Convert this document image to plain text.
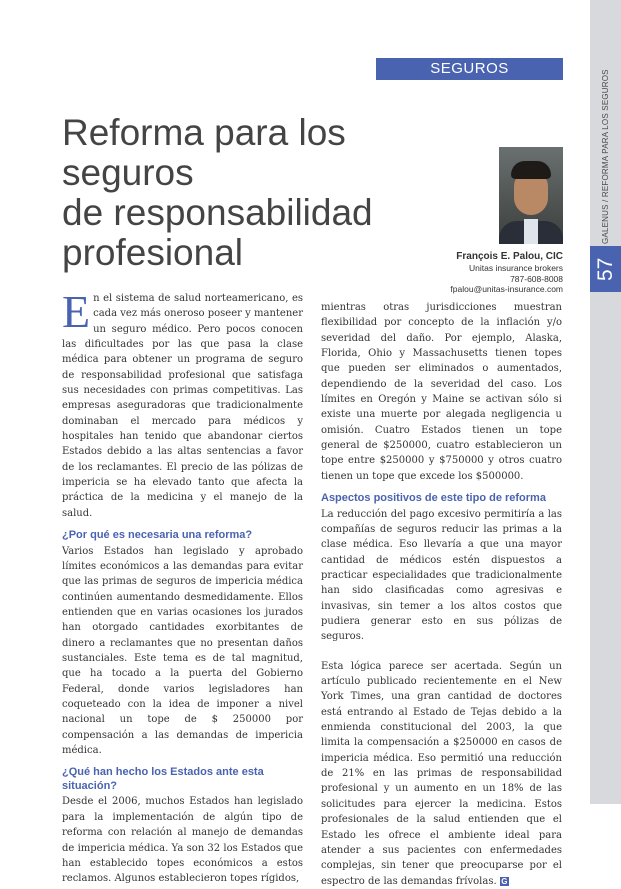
GALENUS / REFORMA PARA LOS SEGUROS
57
SEGUROS
Reforma para los seguros
de responsabilidad
profesional	François E. Palou, CIC
Unitas insurance brokers
787-608-8008
fpalou@unitas-insurance.com

En el sistema de salud norteamericano, es cada vez más oneroso poseer y mantener un seguro médico. Pero pocos conocen las dificultades por las que pasa la clase médica para obtener un programa de seguro de responsabilidad profesional que satisfaga sus necesidades con primas competitivas. Las empresas aseguradoras que tradicionalmente dominaban el mercado para médicos y hospitales han tenido que abandonar ciertos Estados debido a las altas sentencias a favor de los reclamantes. El precio de las pólizas de impericia se ha elevado tanto que afecta la práctica de la medicina y el manejo de la salud.

¿Por qué es necesaria una reforma?

Varios Estados han legislado y aprobado límites económicos a las demandas para evitar que las primas de seguros de impericia médica continúen aumentando desmedidamente. Ellos entienden que en varias ocasiones los jurados han otorgado cantidades exorbitantes de dinero a reclamantes que no presentan daños sustanciales. Este tema es de tal magnitud, que ha tocado a la puerta del Gobierno Federal, donde varios legisladores han coqueteado con la idea de imponer a nivel nacional un tope de $ 250000 por compensación a las demandas de impericia médica.

¿Qué han hecho los Estados ante esta situación?

Desde el 2006, muchos Estados han legislado para la implementación de algún tipo de reforma con relación al manejo de demandas de impericia médica. Ya son 32 los Estados que han establecido topes económicos a estos reclamos. Algunos establecieron topes rígidos,

mientras otras jurisdicciones muestran flexibilidad por concepto de la inflación y/o severidad del daño. Por ejemplo, Alaska, Florida, Ohio y Massachusetts tienen topes que pueden ser eliminados o aumentados, dependiendo de la severidad del caso. Los límites en Oregón y Maine se activan sólo si existe una muerte por alegada negligencia u omisión. Cuatro Estados tienen un tope general de $250000, cuatro establecieron un tope entre $250000 y $750000 y otros cuatro tienen un tope que excede los $500000.

Aspectos positivos de este tipo de reforma

La reducción del pago excesivo permitiría a las compañías de seguros reducir las primas a la clase médica. Eso llevaría a que una mayor cantidad de médicos estén dispuestos a practicar especialidades que tradicionalmente han sido clasificadas como agresivas e invasivas, sin temer a los altos costos que pudiera generar esto en sus pólizas de seguros.

Esta lógica parece ser acertada. Según un artículo publicado recientemente en el New York Times, una gran cantidad de doctores está entrando al Estado de Tejas debido a la enmienda constitucional del 2003, la que limita la compensación a $250000 en casos de impericia médica. Eso permitió una reducción de 21% en las primas de responsabilidad profesional y un aumento en un 18% de las solicitudes para ejercer la medicina. Estos profesionales de la salud entienden que el Estado les ofrece el ambiente ideal para atender a sus pacientes con enfermedades complejas, sin tener que preocuparse por el espectro de las demandas frívolas. G
